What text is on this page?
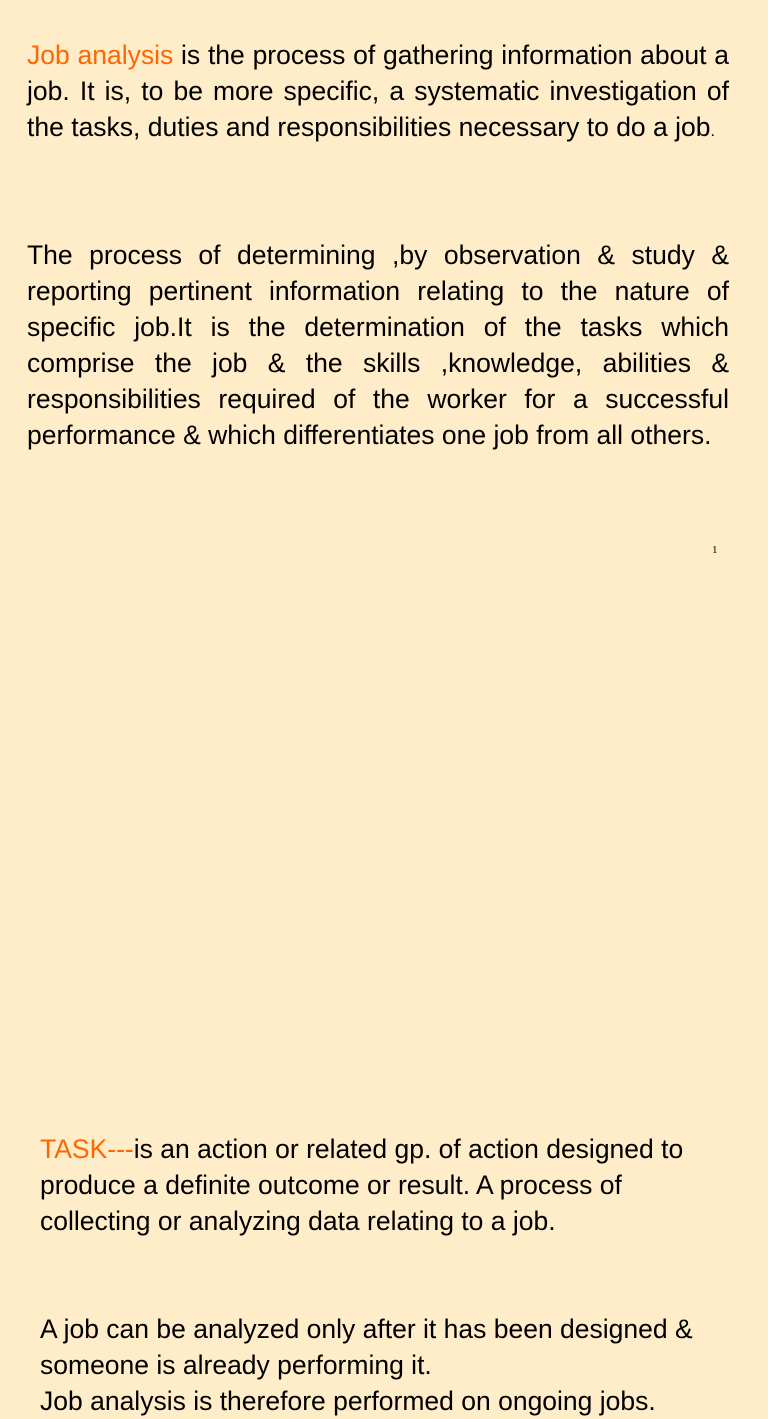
Job analysis is the process of gathering information about a job. It is, to be more specific, a systematic investigation of the tasks, duties and responsibilities necessary to do a job.

The process of determining ,by observation & study & reporting pertinent information relating to the nature of specific job.It is the determination of the tasks which comprise the job & the skills ,knowledge, abilities & responsibilities required of the worker for a successful performance & which differentiates one job from all others.

1

TASK---is an action or related gp. of action designed to produce a definite outcome or result. A process of collecting or analyzing data relating to a job.

A job can be analyzed only after it has been designed & someone is already performing it.
Job analysis is therefore performed on ongoing jobs.
